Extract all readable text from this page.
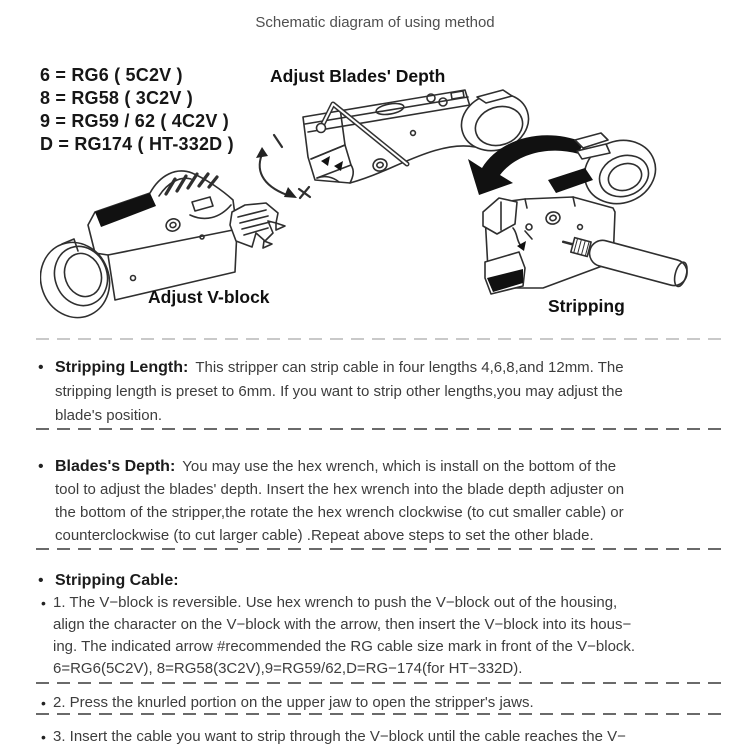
Schematic diagram of using method
6 = RG6 ( 5C2V )
8 = RG58 ( 3C2V )
9 = RG59 / 62 ( 4C2V )
D = RG174 ( HT-332D )
Adjust Blades' Depth
Adjust V-block	Stripping
• Stripping Length: This stripper can strip cable in four lengths 4,6,8,and 12mm. The
stripping length is preset to 6mm. If you want to strip other lengths,you may adjust the
blade's position.
• Blades's Depth: You may use the hex wrench, which is install on the bottom of the
tool to adjust the blades' depth. Insert the hex wrench into the blade depth adjuster on
the bottom of the stripper,the rotate the hex wrench clockwise (to cut smaller cable) or
counterclockwise (to cut larger cable) .Repeat above steps to set the other blade.
• Stripping Cable:
• 1. The V−block is reversible. Use hex wrench to push the V−block out of the housing,
align the character on the V−block with the arrow, then insert the V−block into its hous−
ing. The indicated arrow #recommended the RG cable size mark in front of the V−block.
6=RG6(5C2V), 8=RG58(3C2V),9=RG59/62,D=RG−174(for HT−332D).
• 2. Press the knurled portion on the upper jaw to open the stripper's jaws.
• 3. Insert the cable you want to strip through the V−block until the cable reaches the V−
